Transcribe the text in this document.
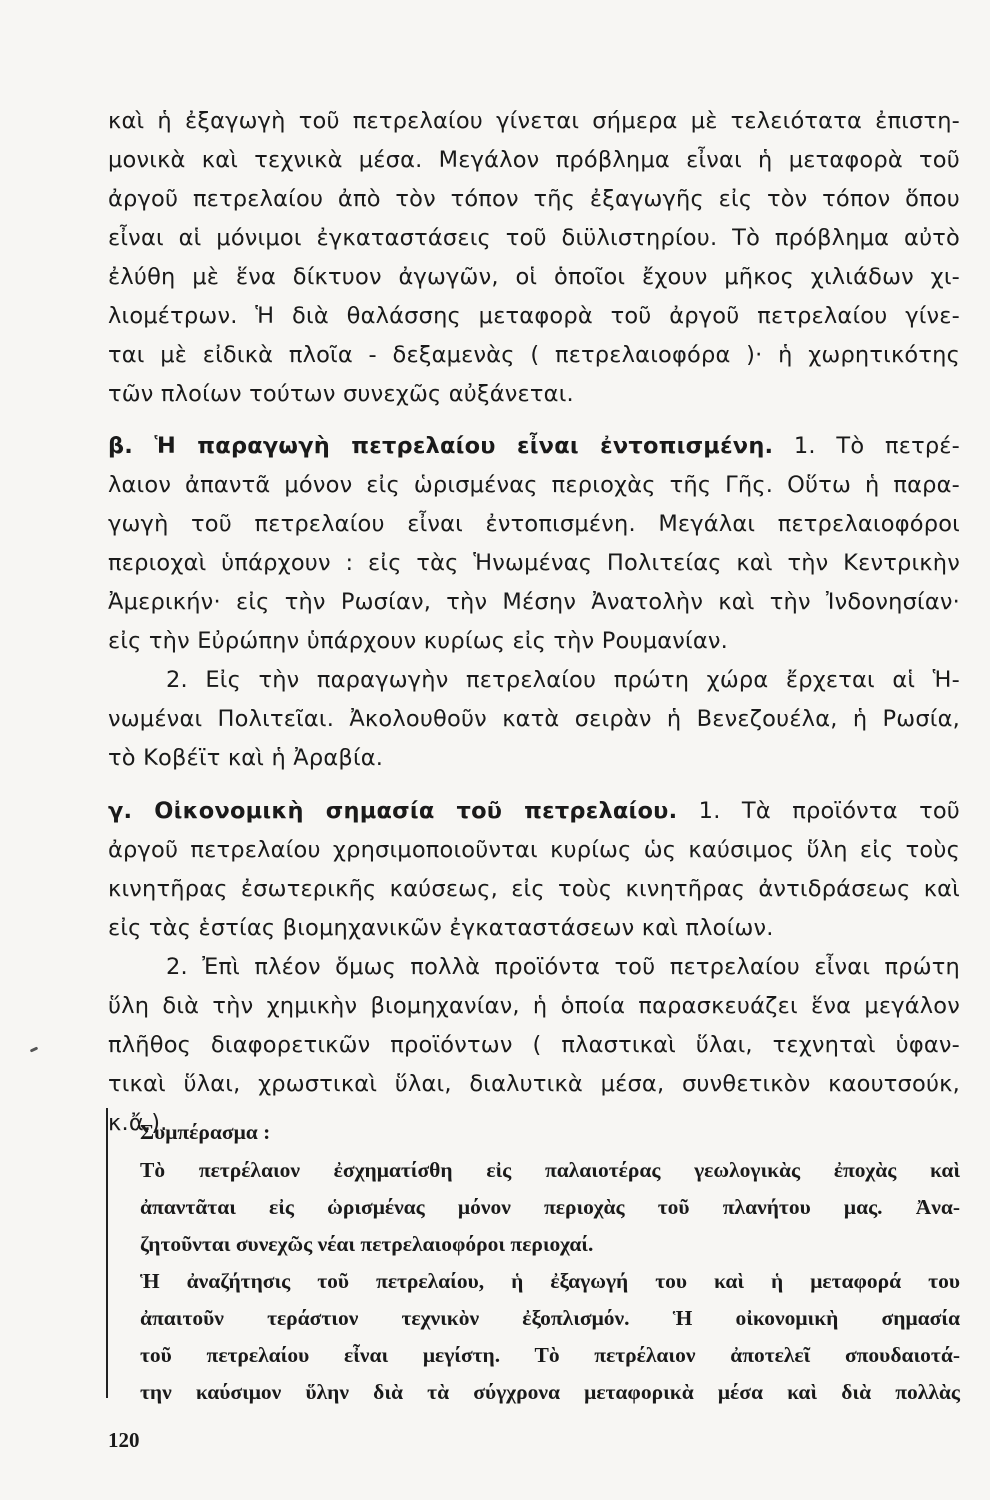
καὶ ἡ ἐξαγωγὴ τοῦ πετρελαίου γίνεται σήμερα μὲ τελειότατα ἐπιστη-
μονικὰ καὶ τεχνικὰ μέσα. Μεγάλον πρόβλημα εἶναι ἡ μεταφορὰ τοῦ
ἀργοῦ πετρελαίου ἀπὸ τὸν τόπον τῆς ἐξαγωγῆς εἰς τὸν τόπον ὅπου
εἶναι αἱ μόνιμοι ἐγκαταστάσεις τοῦ διϋλιστηρίου. Τὸ πρόβλημα αὐτὸ
ἐλύθη μὲ ἕνα δίκτυον ἀγωγῶν, οἱ ὁποῖοι ἔχουν μῆκος χιλιάδων χι-
λιομέτρων. Ἡ διὰ θαλάσσης μεταφορὰ τοῦ ἀργοῦ πετρελαίου γίνε-
ται μὲ εἰδικὰ πλοῖα - δεξαμενὰς ( πετρελαιοφόρα )· ἡ χωρητικότης
τῶν πλοίων τούτων συνεχῶς αὐξάνεται.
β. Ἡ παραγωγὴ πετρελαίου εἶναι ἐντοπισμένη. 1. Τὸ πετρέ-
λαιον ἀπαντᾶ μόνον εἰς ὡρισμένας περιοχὰς τῆς Γῆς. Οὕτω ἡ παρα-
γωγὴ τοῦ πετρελαίου εἶναι ἐντοπισμένη. Μεγάλαι πετρελαιοφόροι
περιοχαὶ ὑπάρχουν : εἰς τὰς Ἡνωμένας Πολιτείας καὶ τὴν Κεντρικὴν
Ἀμερικήν· εἰς τὴν Ρωσίαν, τὴν Μέσην Ἀνατολὴν καὶ τὴν Ἰνδονησίαν·
εἰς τὴν Εὐρώπην ὑπάρχουν κυρίως εἰς τὴν Ρουμανίαν.
2. Εἰς τὴν παραγωγὴν πετρελαίου πρώτη χώρα ἔρχεται αἱ Ἡ-
νωμέναι Πολιτεῖαι. Ἀκολουθοῦν κατὰ σειρὰν ἡ Βενεζουέλα, ἡ Ρωσία,
τὸ Κοβέϊτ καὶ ἡ Ἀραβία.
γ. Οἰκονομικὴ σημασία τοῦ πετρελαίου. 1. Τὰ προϊόντα τοῦ
ἀργοῦ πετρελαίου χρησιμοποιοῦνται κυρίως ὡς καύσιμος ὕλη εἰς τοὺς
κινητῆρας ἐσωτερικῆς καύσεως, εἰς τοὺς κινητῆρας ἀντιδράσεως καὶ
εἰς τὰς ἑστίας βιομηχανικῶν ἐγκαταστάσεων καὶ πλοίων.
2. Ἐπὶ πλέον ὅμως πολλὰ προϊόντα τοῦ πετρελαίου εἶναι πρώτη
ὕλη διὰ τὴν χημικὴν βιομηχανίαν, ἡ ὁποία παρασκευάζει ἕνα μεγάλον
πλῆθος διαφορετικῶν προϊόντων ( πλαστικαὶ ὕλαι, τεχνηταὶ ὑφαν-
τικαὶ ὕλαι, χρωστικαὶ ὕλαι, διαλυτικὰ μέσα, συνθετικὸν καουτσούκ,
κ.ἄ.).
Συμπέρασμα :
Τὸ πετρέλαιον ἐσχηματίσθη εἰς παλαιοτέρας γεωλογικὰς ἐποχὰς καὶ
ἀπαντᾶται εἰς ὡρισμένας μόνον περιοχὰς τοῦ πλανήτου μας. Ἀνα-
ζητοῦνται συνεχῶς νέαι πετρελαιοφόροι περιοχαί.
Ἡ ἀναζήτησις τοῦ πετρελαίου, ἡ ἐξαγωγή του καὶ ἡ μεταφορά του
ἀπαιτοῦν τεράστιον τεχνικὸν ἐξοπλισμόν. Ἡ οἰκονομικὴ σημασία
τοῦ πετρελαίου εἶναι μεγίστη. Τὸ πετρέλαιον ἀποτελεῖ σπουδαιοτά-
την καύσιμον ὕλην διὰ τὰ σύγχρονα μεταφορικὰ μέσα καὶ διὰ πολλὰς
120
